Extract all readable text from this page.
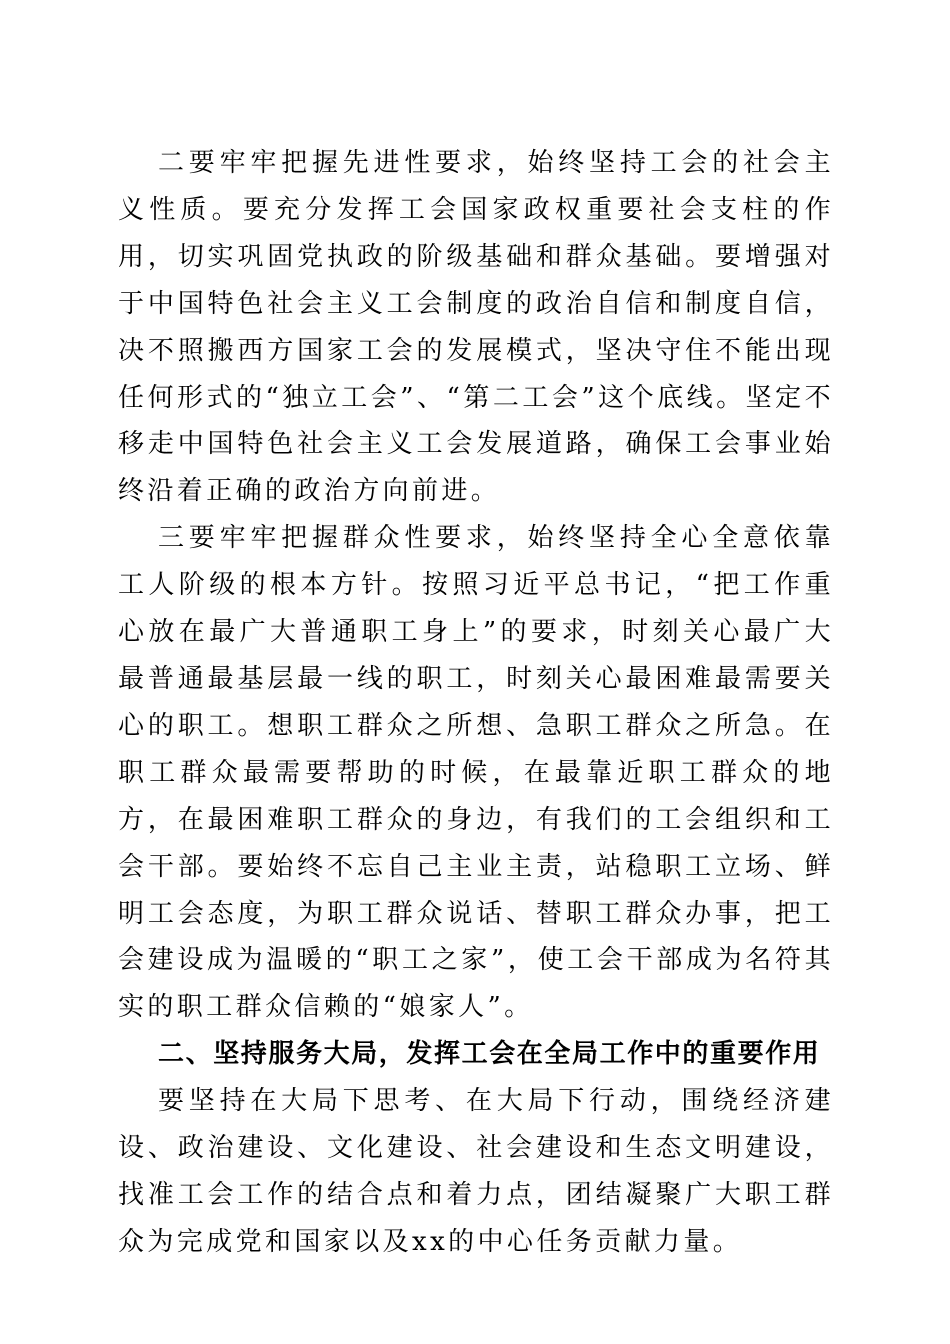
二要牢牢把握先进性要求，始终坚持工会的社会主义性质。要充分发挥工会国家政权重要社会支柱的作用，切实巩固党执政的阶级基础和群众基础。要增强对于中国特色社会主义工会制度的政治自信和制度自信，决不照搬西方国家工会的发展模式，坚决守住不能出现任何形式的“独立工会”、“第二工会”这个底线。坚定不移走中国特色社会主义工会发展道路，确保工会事业始终沿着正确的政治方向前进。

三要牢牢把握群众性要求，始终坚持全心全意依靠工人阶级的根本方针。按照习近平总书记，“把工作重心放在最广大普通职工身上”的要求，时刻关心最广大最普通最基层最一线的职工，时刻关心最困难最需要关心的职工。想职工群众之所想、急职工群众之所急。在职工群众最需要帮助的时候，在最靠近职工群众的地方，在最困难职工群众的身边，有我们的工会组织和工会干部。要始终不忘自己主业主责，站稳职工立场、鲜明工会态度，为职工群众说话、替职工群众办事，把工会建设成为温暖的“职工之家”，使工会干部成为名符其实的职工群众信赖的“娘家人”。

二、坚持服务大局，发挥工会在全局工作中的重要作用

要坚持在大局下思考、在大局下行动，围绕经济建设、政治建设、文化建设、社会建设和生态文明建设，找准工会工作的结合点和着力点，团结凝聚广大职工群众为完成党和国家以及xx的中心任务贡献力量。
